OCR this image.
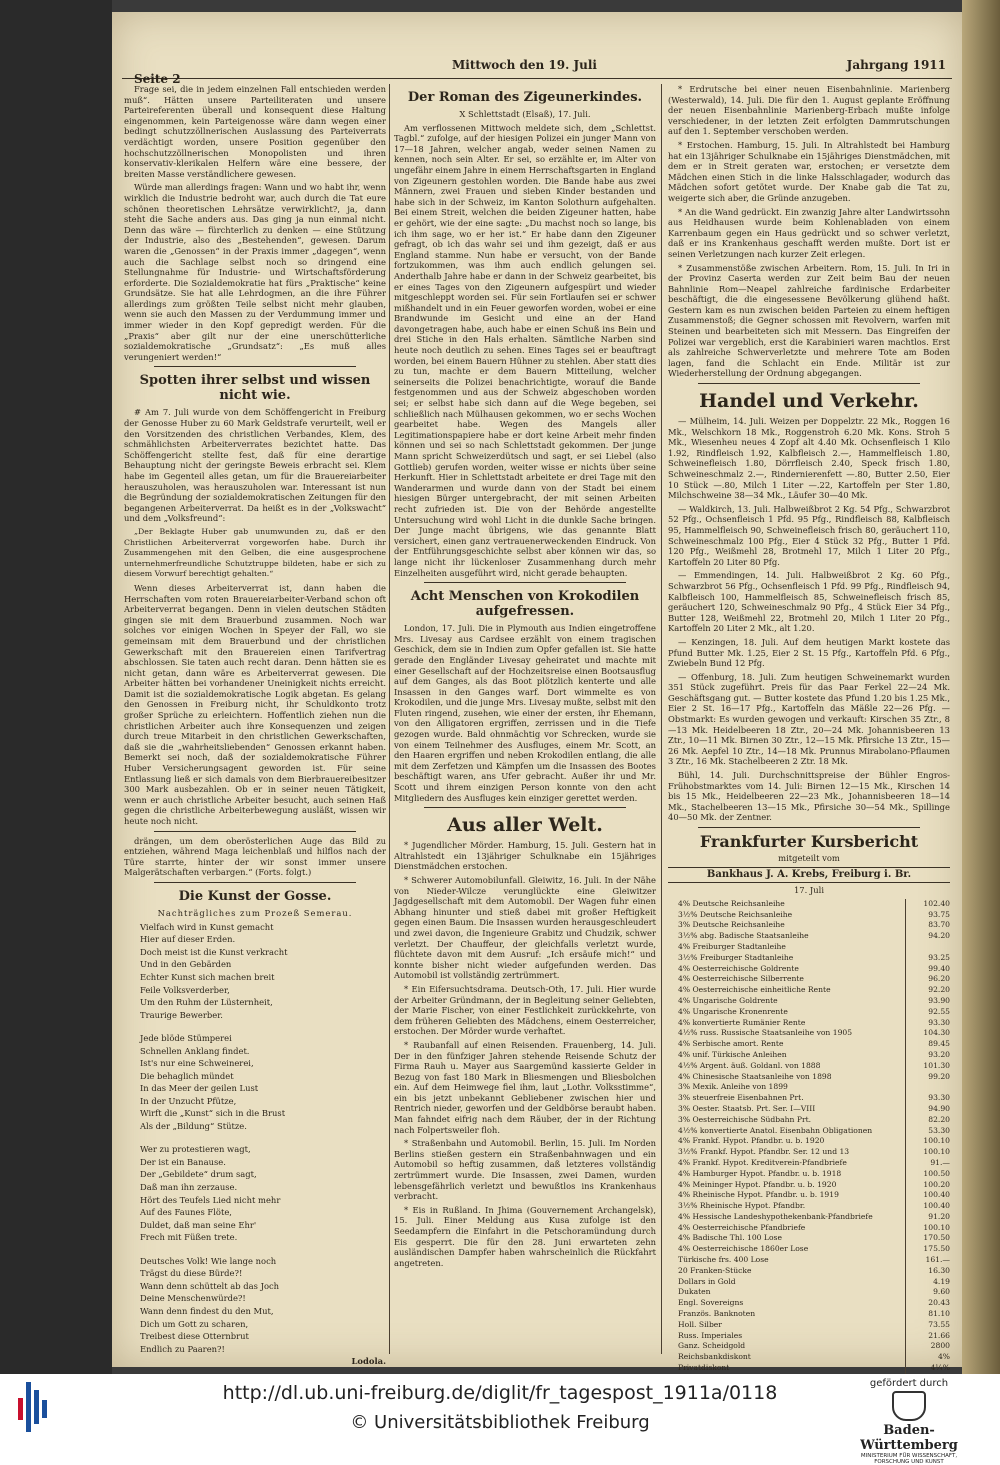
Seite 2
Mittwoch den 19. Juli	Jahrgang 1911

Frage sei, die in jedem einzelnen Fall entschieden werden muß“. Hätten unsere Parteiliteraten und unsere Parteireferenten überall und konsequent diese Haltung eingenommen, kein Parteigenosse wäre dann wegen einer bedingt schutzzöllnerischen Auslassung des Parteiverrats verdächtigt worden, unsere Position gegenüber den hochschutzzöllnerischen Monopolisten und ihren konservativ-klerikalen Helfern wäre eine bessere, der breiten Masse verständlichere gewesen.

Würde man allerdings fragen: Wann und wo habt ihr, wenn wirklich die Industrie bedroht war, auch durch die Tat eure schönen theoretischen Lehrsätze verwirklicht?, ja, dann steht die Sache anders aus. Das ging ja nun einmal nicht. Denn das wäre — fürchterlich zu denken — eine Stützung der Industrie, also des „Bestehenden“, gewesen. Darum waren die „Genossen“ in der Praxis immer „dagegen“, wenn auch die Sachlage selbst noch so dringend eine Stellungnahme für Industrie- und Wirtschaftsförderung erforderte. Die Sozialdemokratie hat fürs „Praktische“ keine Grundsätze. Sie hat alle Lehrdogmen, an die ihre Führer allerdings zum größten Teile selbst nicht mehr glauben, wenn sie auch den Massen zu der Verdummung immer und immer wieder in den Kopf gepredigt werden. Für die „Praxis“ aber gilt nur der eine unerschütterliche sozialdemokratische „Grundsatz“: „Es muß alles verungeniert werden!“

Spotten ihrer selbst und wissen nicht wie.

# Am 7. Juli wurde von dem Schöffengericht in Freiburg der Genosse Huber zu 60 Mark Geldstrafe verurteilt, weil er den Vorsitzenden des christlichen Verbandes, Klem, des schmählichsten Arbeiterverrates bezichtet hatte. Das Schöffengericht stellte fest, daß für eine derartige Behauptung nicht der geringste Beweis erbracht sei. Klem habe im Gegenteil alles getan, um für die Brauereiarbeiter herauszuholen, was herauszuholen war. Interessant ist nun die Begründung der sozialdemokratischen Zeitungen für den begangenen Arbeiterverrat. Da heißt es in der „Volkswacht“ und dem „Volksfreund“:

„Der Beklagte Huber gab unumwunden zu, daß er den Christlichen Arbeiterverrat vorgeworfen habe. Durch ihr Zusammengehen mit den Gelben, die eine ausgesprochene unternehmerfreundliche Schutztruppe bildeten, habe er sich zu diesem Vorwurf berechtigt gehalten.“

Wenn dieses Arbeiterverrat ist, dann haben die Herrschaften vom roten Brauereiarbeiter-Verband schon oft Arbeiterverrat begangen. Denn in vielen deutschen Städten gingen sie mit dem Brauerbund zusammen. Noch war solches vor einigen Wochen in Speyer der Fall, wo sie gemeinsam mit dem Brauerbund und der christlichen Gewerkschaft mit den Brauereien einen Tarifvertrag abschlossen. Sie taten auch recht daran. Denn hätten sie es nicht getan, dann wäre es Arbeiterverrat gewesen. Die Arbeiter hätten bei vorhandener Uneinigkeit nichts erreicht. Damit ist die sozialdemokratische Logik abgetan. Es gelang den Genossen in Freiburg nicht, ihr Schuldkonto trotz großer Sprüche zu erleichtern. Hoffentlich ziehen nun die christlichen Arbeiter auch ihre Konsequenzen und zeigen durch treue Mitarbeit in den christlichen Gewerkschaften, daß sie die „wahrheitsliebenden“ Genossen erkannt haben. Bemerkt sei noch, daß der sozialdemokratische Führer Huber Versicherungsagent geworden ist. Für seine Entlassung ließ er sich damals von dem Bierbrauereibesitzer 300 Mark ausbezahlen. Ob er in seiner neuen Tätigkeit, wenn er auch christliche Arbeiter besucht, auch seinen Haß gegen die christliche Arbeiterbewegung ausläßt, wissen wir heute noch nicht.

drängen, um dem oberösterlichen Auge das Bild zu entziehen, während Maga leichenblaß und hilflos nach der Türe starrte, hinter der wir sonst immer unsere Malgerätschaften verbargen.“ (Forts. folgt.)

Die Kunst der Gosse.

Nachträgliches zum Prozeß Semerau.

Vielfach wird in Kunst gemacht

Hier auf dieser Erden.

Doch meist ist die Kunst verkracht

Und in den Gebärden

Echter Kunst sich machen breit

Feile Volksverderber,

Um den Ruhm der Lüsternheit,

Traurige Bewerber.

Jede blöde Stümperei

Schnellen Anklang findet.

Ist's nur eine Schweinerei,

Die behaglich mündet

In das Meer der geilen Lust

In der Unzucht Pfütze,

Wirft die „Kunst“ sich in die Brust

Als der „Bildung“ Stütze.

Wer zu protestieren wagt,

Der ist ein Banause.

Der „Gebildete“ drum sagt,

Daß man ihn zerzause.

Hört des Teufels Lied nicht mehr

Auf des Faunes Flöte,

Duldet, daß man seine Ehr'

Frech mit Füßen trete.

Deutsches Volk! Wie lange noch

Trägst du diese Bürde?!

Wann denn schüttelt ab das Joch

Deine Menschenwürde?!

Wann denn findest du den Mut,

Dich um Gott zu scharen,

Treibest diese Otternbrut

Endlich zu Paaren?!

Lodola.

Der Roman des Zigeunerkindes.

X Schlettstadt (Elsaß), 17. Juli.

Am verflossenen Mittwoch meldete sich, dem „Schlettst. Tagbl.“ zufolge, auf der hiesigen Polizei ein junger Mann von 17—18 Jahren, welcher angab, weder seinen Namen zu kennen, noch sein Alter. Er sei, so erzählte er, im Alter von ungefähr einem Jahre in einem Herrschaftsgarten in England von Zigeunern gestohlen worden. Die Bande habe aus zwei Männern, zwei Frauen und sieben Kinder bestanden und habe sich in der Schweiz, im Kanton Solothurn aufgehalten. Bei einem Streit, welchen die beiden Zigeuner hatten, habe er gehört, wie der eine sagte: „Du machst noch so lange, bis ich ihm sage, wo er her ist.“ Er habe dann den Zigeuner gefragt, ob ich das wahr sei und ihm gezeigt, daß er aus England stamme. Nun habe er versucht, von der Bande fortzukommen, was ihm auch endlich gelungen sei. Anderthalb Jahre habe er dann in der Schweiz gearbeitet, bis er eines Tages von den Zigeunern aufgespürt und wieder mitgeschleppt worden sei. Für sein Fortlaufen sei er schwer mißhandelt und in ein Feuer geworfen worden, wobei er eine Brandwunde im Gesicht und eine an der Hand davongetragen habe, auch habe er einen Schuß ins Bein und drei Stiche in den Hals erhalten. Sämtliche Narben sind heute noch deutlich zu sehen. Eines Tages sei er beauftragt worden, bei einem Bauern Hühner zu stehlen. Aber statt dies zu tun, machte er dem Bauern Mitteilung, welcher seinerseits die Polizei benachrichtigte, worauf die Bande festgenommen und aus der Schweiz abgeschoben worden sei; er selbst habe sich dann auf die Wege begeben, sei schließlich nach Mülhausen gekommen, wo er sechs Wochen gearbeitet habe. Wegen des Mangels aller Legitimationspapiere habe er dort keine Arbeit mehr finden können und sei so nach Schlettstadt gekommen. Der junge Mann spricht Schweizerdütsch und sagt, er sei Liebel (also Gottlieb) gerufen worden, weiter wisse er nichts über seine Herkunft. Hier in Schlettstadt arbeitete er drei Tage mit den Wanderarmen und wurde dann von der Stadt bei einem hiesigen Bürger untergebracht, der mit seinen Arbeiten recht zufrieden ist. Die von der Behörde angestellte Untersuchung wird wohl Licht in die dunkle Sache bringen. Der Junge macht übrigens, wie das genannte Blatt versichert, einen ganz vertrauenerweckenden Eindruck. Von der Entführungsgeschichte selbst aber können wir das, so lange nicht ihr lückenloser Zusammenhang durch mehr Einzelheiten ausgeführt wird, nicht gerade behaupten.

Acht Menschen von Krokodilen aufgefressen.

London, 17. Juli. Die in Plymouth aus Indien eingetroffene Mrs. Livesay aus Cardsee erzählt von einem tragischen Geschick, dem sie in Indien zum Opfer gefallen ist. Sie hatte gerade den Engländer Livesay geheiratet und machte mit einer Gesellschaft auf der Hochzeitsreise einen Bootsausflug auf dem Ganges, als das Boot plötzlich kenterte und alle Insassen in den Ganges warf. Dort wimmelte es von Krokodilen, und die junge Mrs. Livesay mußte, selbst mit den Fluten ringend, zusehen, wie einer der ersten, ihr Ehemann, von den Alligatoren ergriffen, zerrissen und in die Tiefe gezogen wurde. Bald ohnmächtig vor Schrecken, wurde sie von einem Teilnehmer des Ausfluges, einem Mr. Scott, an den Haaren ergriffen und neben Krokodilen entlang, die alle mit dem Zerfetzen und Kämpfen um die Insassen des Bootes beschäftigt waren, ans Ufer gebracht. Außer ihr und Mr. Scott und ihrem einzigen Person konnte von den acht Mitgliedern des Ausfluges kein einziger gerettet werden.

Aus aller Welt.

* Jugendlicher Mörder. Hamburg, 15. Juli. Gestern hat in Altrahlstedt ein 13jähriger Schulknabe ein 15jähriges Dienstmädchen erstochen.

* Schwerer Automobilunfall. Gleiwitz, 16. Juli. In der Nähe von Nieder-Wilcze verunglückte eine Gleiwitzer Jagdgesellschaft mit dem Automobil. Der Wagen fuhr einen Abhang hinunter und stieß dabei mit großer Heftigkeit gegen einen Baum. Die Insassen wurden herausgeschleudert und zwei davon, die Ingenieure Grabitz und Chudzik, schwer verletzt. Der Chauffeur, der gleichfalls verletzt wurde, flüchtete davon mit dem Ausruf: „Ich ersäufe mich!“ und konnte bisher nicht wieder aufgefunden werden. Das Automobil ist vollständig zertrümmert.

* Ein Eifersuchtsdrama. Deutsch-Oth, 17. Juli. Hier wurde der Arbeiter Gründmann, der in Begleitung seiner Geliebten, der Marie Fischer, von einer Festlichkeit zurückkehrte, von dem früheren Geliebten des Mädchens, einem Oesterreicher, erstochen. Der Mörder wurde verhaftet.

* Raubanfall auf einen Reisenden. Frauenberg, 14. Juli. Der in den fünfziger Jahren stehende Reisende Schutz der Firma Rauh u. Mayer aus Saargemünd kassierte Gelder in Bezug von fast 180 Mark in Bliesmengen und Bliesbolchen ein. Auf dem Heimwege fiel ihm, laut „Lothr. Volksstimme“, ein bis jetzt unbekannt Gebliebener zwischen hier und Rentrich nieder, geworfen und der Geldbörse beraubt haben. Man fahndet eifrig nach dem Räuber, der in der Richtung nach Folpertsweiler floh.

* Straßenbahn und Automobil. Berlin, 15. Juli. Im Norden Berlins stießen gestern ein Straßenbahnwagen und ein Automobil so heftig zusammen, daß letzteres vollständig zertrümmert wurde. Die Insassen, zwei Damen, wurden lebensgefährlich verletzt und bewußtlos ins Krankenhaus verbracht.

* Eis in Rußland. In Jhima (Gouvernement Archangelsk), 15. Juli. Einer Meldung aus Kusa zufolge ist den Seedampfern die Einfahrt in die Petschoramündung durch Eis gesperrt. Die für den 28. Juni erwarteten zehn ausländischen Dampfer haben wahrscheinlich die Rückfahrt angetreten.

* Erdrutsche bei einer neuen Eisenbahnlinie. Marienberg (Westerwald), 14. Juli. Die für den 1. August geplante Eröffnung der neuen Eisenbahnlinie Marienberg-Erbach mußte infolge verschiedener, in der letzten Zeit erfolgten Dammrutschungen auf den 1. September verschoben werden.

* Erstochen. Hamburg, 15. Juli. In Altrahlstedt bei Hamburg hat ein 13jähriger Schulknabe ein 15jähriges Dienstmädchen, mit dem er in Streit geraten war, erstochen; er versetzte dem Mädchen einen Stich in die linke Halsschlagader, wodurch das Mädchen sofort getötet wurde. Der Knabe gab die Tat zu, weigerte sich aber, die Gründe anzugeben.

* An die Wand gedrückt. Ein zwanzig Jahre alter Landwirtssohn aus Heidhausen wurde beim Kohlenabladen von einem Karrenbaum gegen ein Haus gedrückt und so schwer verletzt, daß er ins Krankenhaus geschafft werden mußte. Dort ist er seinen Verletzungen nach kurzer Zeit erlegen.

* Zusammenstöße zwischen Arbeitern. Rom, 15. Juli. In Iri in der Provinz Caserta werden zur Zeit beim Bau der neuen Bahnlinie Rom—Neapel zahlreiche fardinische Erdarbeiter beschäftigt, die die eingesessene Bevölkerung glühend haßt. Gestern kam es nun zwischen beiden Parteien zu einem heftigen Zusammenstoß; die Gegner schossen mit Revolvern, warfen mit Steinen und bearbeiteten sich mit Messern. Das Eingreifen der Polizei war vergeblich, erst die Karabinieri waren machtlos. Erst als zahlreiche Schwerverletzte und mehrere Tote am Boden lagen, fand die Schlacht ein Ende. Militär ist zur Wiederherstellung der Ordnung abgegangen.

Handel und Verkehr.

— Mülheim, 14. Juli. Weizen per Doppelztr. 22 Mk., Roggen 16 Mk., Welschkorn 18 Mk., Roggenstroh 6.20 Mk. Kons. Stroh 5 Mk., Wiesenheu neues 4 Zopf alt 4.40 Mk. Ochsenfleisch 1 Kilo 1.92, Rindfleisch 1.92, Kalbfleisch 2.—, Hammelfleisch 1.80, Schweinefleisch 1.80, Dörrfleisch 2.40, Speck frisch 1.80, Schweineschmalz 2.—, Rindernierenfett —.80, Butter 2.50, Eier 10 Stück —.80, Milch 1 Liter —.22, Kartoffeln per Ster 1.80, Milchschweine 38—34 Mk., Läufer 30—40 Mk.

— Waldkirch, 13. Juli. Halbweißbrot 2 Kg. 54 Pfg., Schwarzbrot 52 Pfg., Ochsenfleisch 1 Pfd. 95 Pfg., Rindfleisch 88, Kalbfleisch 95, Hammelfleisch 90, Schweinefleisch frisch 80, geräuchert 110, Schweineschmalz 100 Pfg., Eier 4 Stück 32 Pfg., Butter 1 Pfd. 120 Pfg., Weißmehl 28, Brotmehl 17, Milch 1 Liter 20 Pfg., Kartoffeln 20 Liter 80 Pfg.

— Emmendingen, 14. Juli. Halbweißbrot 2 Kg. 60 Pfg., Schwarzbrot 56 Pfg., Ochsenfleisch 1 Pfd. 99 Pfg., Rindfleisch 94, Kalbfleisch 100, Hammelfleisch 85, Schweinefleisch frisch 85, geräuchert 120, Schweineschmalz 90 Pfg., 4 Stück Eier 34 Pfg., Butter 128, Weißmehl 22, Brotmehl 20, Milch 1 Liter 20 Pfg., Kartoffeln 20 Liter 2 Mk., alt 1.20.

— Kenzingen, 18. Juli. Auf dem heutigen Markt kostete das Pfund Butter Mk. 1.25, Eier 2 St. 15 Pfg., Kartoffeln Pfd. 6 Pfg., Zwiebeln Bund 12 Pfg.

— Offenburg, 18. Juli. Zum heutigen Schweinemarkt wurden 351 Stück zugeführt. Preis für das Paar Ferkel 22—24 Mk. Geschäftsgang gut. — Butter kostete das Pfund 1.20 bis 1.25 Mk., Eier 2 St. 16—17 Pfg., Kartoffeln das Mäßle 22—26 Pfg. — Obstmarkt: Es wurden gewogen und verkauft: Kirschen 35 Ztr., 8—13 Mk. Heidelbeeren 18 Ztr., 20—24 Mk. Johannisbeeren 13 Ztr., 10—11 Mk. Birnen 30 Ztr., 12—15 Mk. Pfirsiche 13 Ztr., 15—26 Mk. Aepfel 10 Ztr., 14—18 Mk. Prunnus Mirabolano-Pflaumen 3 Ztr., 16 Mk. Stachelbeeren 2 Ztr. 18 Mk.

Bühl, 14. Juli. Durchschnittspreise der Bühler Engros-Frühobstmarktes vom 14. Juli: Birnen 12—15 Mk., Kirschen 14 bis 15 Mk., Heidelbeeren 22—23 Mk., Johannisbeeren 18—14 Mk., Stachelbeeren 13—15 Mk., Pfirsiche 30—54 Mk., Spillinge 40—50 Mk. der Zentner.

Frankfurter Kursbericht

mitgeteilt vom

Bankhaus J. A. Krebs, Freiburg i. Br.

17. Juli

4% Deutsche Reichsanleihe	102.40
3½% Deutsche Reichsanleihe	93.75
3% Deutsche Reichsanleihe	83.70
3½% abg. Badische Staatsanleihe	94.20
4% Freiburger Stadtanleihe	
3½% Freiburger Stadtanleihe	93.25
4% Oesterreichische Goldrente	99.40
4% Oesterreichische Silberrente	96.20
4% Oesterreichische einheitliche Rente	92.20
4% Ungarische Goldrente	93.90
4% Ungarische Kronenrente	92.55
4% konvertierte Rumänier Rente	93.30
4½% russ. Russische Staatsanleihe von 1905	104.30
4% Serbische amort. Rente	89.45
4% unif. Türkische Anleihen	93.20
4½% Argent. äuß. Goldanl. von 1888	101.30
4% Chinesische Staatsanleihe von 1898	99.20
3% Mexik. Anleihe von 1899	
3% steuerfreie Eisenbahnen Prt.	93.30
3% Oester. Staatsb. Prt. Ser. I—VIII	94.90
3% Oesterreichische Südbahn Prt.	82.20
4½% konvertierte Anatol. Eisenbahn Obligationen	53.30
4% Frankf. Hypot. Pfandbr. u. b. 1920	100.10
3½% Frankf. Hypot. Pfandbr. Ser. 12 und 13	100.10
4% Frankf. Hypot. Kreditverein-Pfandbriefe	91.—
4% Hamburger Hypot. Pfandbr. u. b. 1918	100.50
4% Meininger Hypot. Pfandbr. u. b. 1920	100.20
4% Rheinische Hypot. Pfandbr. u. b. 1919	100.40
3½% Rheinische Hypot. Pfandbr.	100.40
4% Hessische Landeshypothekenbank-Pfandbriefe	91.20
4% Oesterreichische Pfandbriefe	100.10
4% Badische Thl. 100 Lose	170.50
4% Oesterreichische 1860er Lose	175.50
Türkische frs. 400 Lose	161.—
20 Franken-Stücke	16.30
Dollars in Gold	4.19
Dukaten	9.60
Engl. Sovereigns	20.43
Französ. Banknoten	81.10
Holl. Silber	73.55
Russ. Imperiales	21.66
Ganz. Scheidgold	2800
Reichsbankdiskont	4%
Privatdiskont	4¼%
http://dl.ub.uni-freiburg.de/diglit/fr_tagespost_1911a/0118
© Universitätsbibliothek Freiburg
gefördert durch
Baden-Württemberg
MINISTERIUM FÜR WISSENSCHAFT, FORSCHUNG UND KUNST
